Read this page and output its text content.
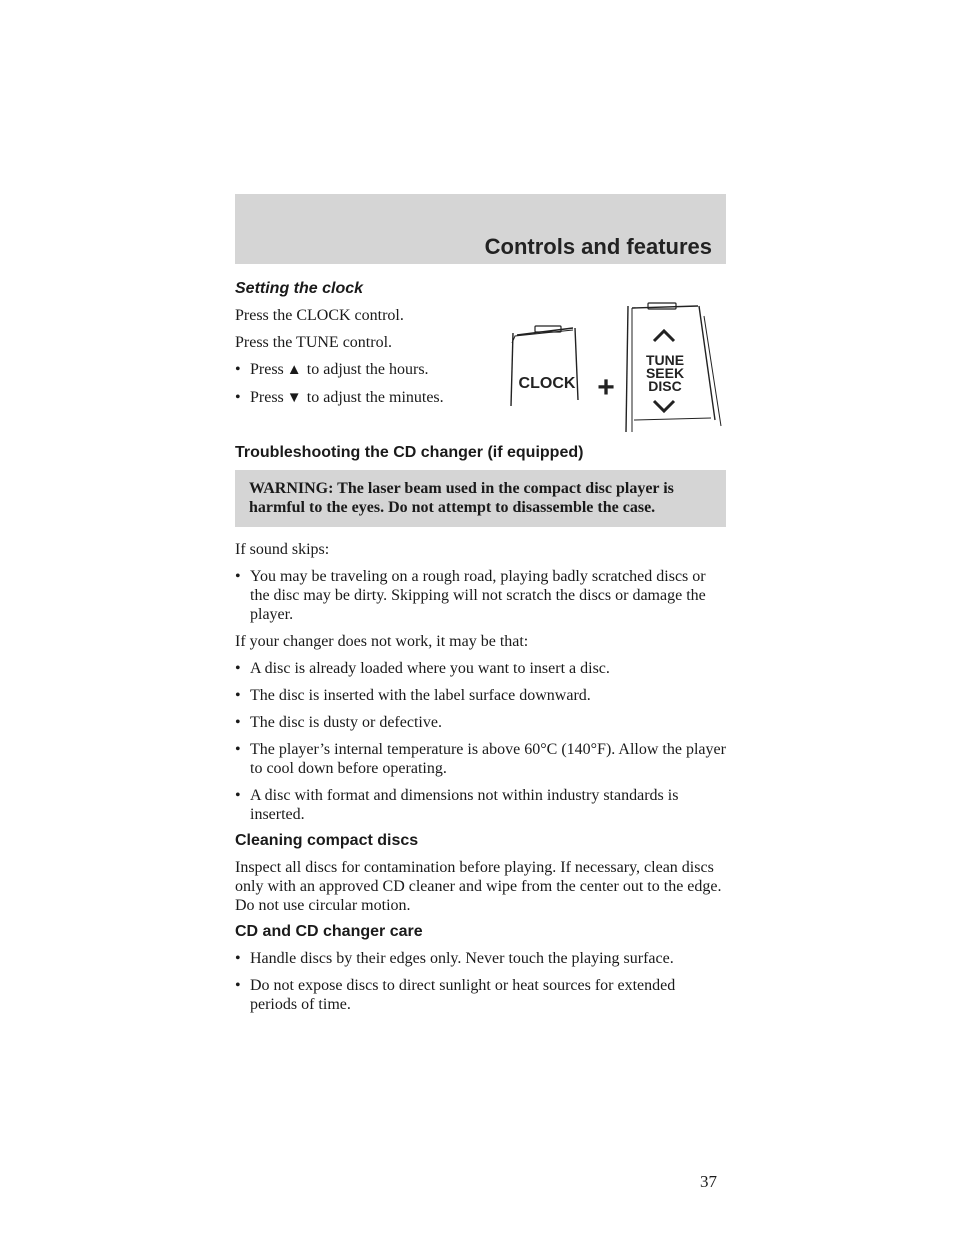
Controls and features
Setting the clock

Press the CLOCK control.

Press the TUNE control.

• Press ▲ to adjust the hours.
• Press ▼ to adjust the minutes.
CLOCK +
TUNE
SEEK
DISC
Troubleshooting the CD changer (if equipped)
WARNING: The laser beam used in the compact disc player is harmful to the eyes. Do not attempt to disassemble the case.

If sound skips:

• You may be traveling on a rough road, playing badly scratched discs or the disc may be dirty. Skipping will not scratch the discs or damage the player.

If your changer does not work, it may be that:

• A disc is already loaded where you want to insert a disc.
• The disc is inserted with the label surface downward.
• The disc is dusty or defective.
• The player’s internal temperature is above 60°C (140°F). Allow the player to cool down before operating.
• A disc with format and dimensions not within industry standards is inserted.
Cleaning compact discs

Inspect all discs for contamination before playing. If necessary, clean discs only with an approved CD cleaner and wipe from the center out to the edge. Do not use circular motion.

CD and CD changer care
• Handle discs by their edges only. Never touch the playing surface.
• Do not expose discs to direct sunlight or heat sources for extended periods of time.
37
